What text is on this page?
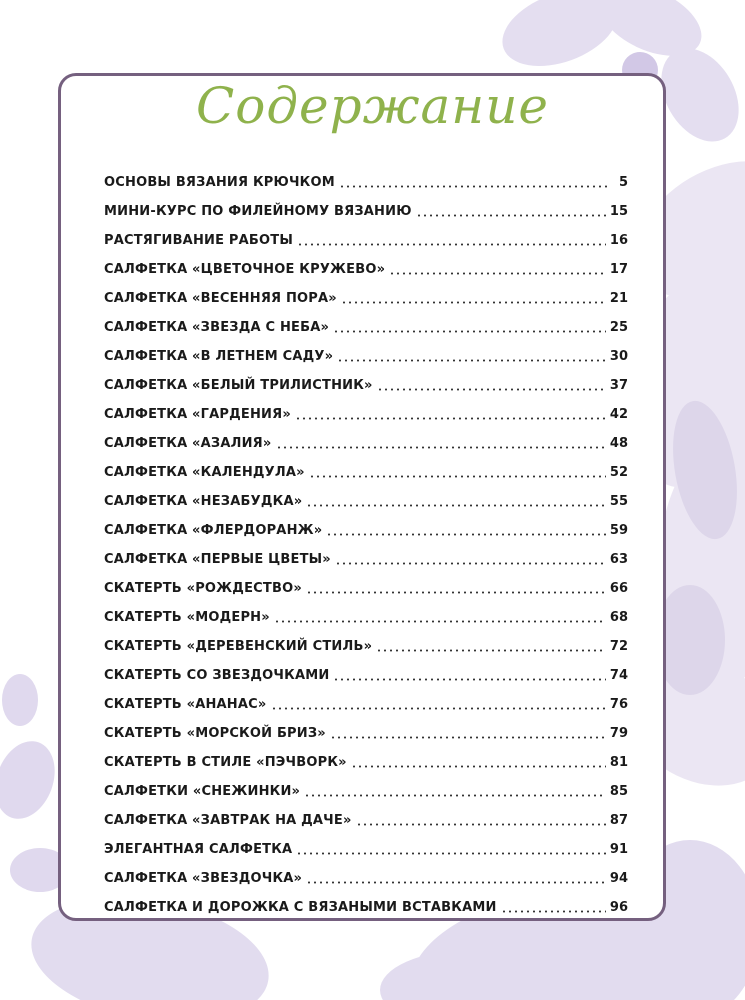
Содержание
ОСНОВЫ ВЯЗАНИЯ КРЮЧКОМ	5
МИНИ-КУРС ПО ФИЛЕЙНОМУ ВЯЗАНИЮ	15
РАСТЯГИВАНИЕ РАБОТЫ	16
САЛФЕТКА «ЦВЕТОЧНОЕ КРУЖЕВО»	17
САЛФЕТКА «ВЕСЕННЯЯ ПОРА»	21
САЛФЕТКА «ЗВЕЗДА С НЕБА»	25
САЛФЕТКА «В ЛЕТНЕМ САДУ»	30
САЛФЕТКА «БЕЛЫЙ ТРИЛИСТНИК»	37
САЛФЕТКА «ГАРДЕНИЯ»	42
САЛФЕТКА «АЗАЛИЯ»	48
САЛФЕТКА «КАЛЕНДУЛА»	52
САЛФЕТКА «НЕЗАБУДКА»	55
САЛФЕТКА «ФЛЕРДОРАНЖ»	59
САЛФЕТКА «ПЕРВЫЕ ЦВЕТЫ»	63
СКАТЕРТЬ «РОЖДЕСТВО»	66
СКАТЕРТЬ «МОДЕРН»	68
СКАТЕРТЬ «ДЕРЕВЕНСКИЙ СТИЛЬ»	72
СКАТЕРТЬ СО ЗВЕЗДОЧКАМИ	74
СКАТЕРТЬ «АНАНАС»	76
СКАТЕРТЬ «МОРСКОЙ БРИЗ»	79
СКАТЕРТЬ В СТИЛЕ «ПЭЧВОРК»	81
САЛФЕТКИ «СНЕЖИНКИ»	85
САЛФЕТКА «ЗАВТРАК НА ДАЧЕ»	87
ЭЛЕГАНТНАЯ САЛФЕТКА	91
САЛФЕТКА «ЗВЕЗДОЧКА»	94
САЛФЕТКА И ДОРОЖКА С ВЯЗАНЫМИ ВСТАВКАМИ	96
